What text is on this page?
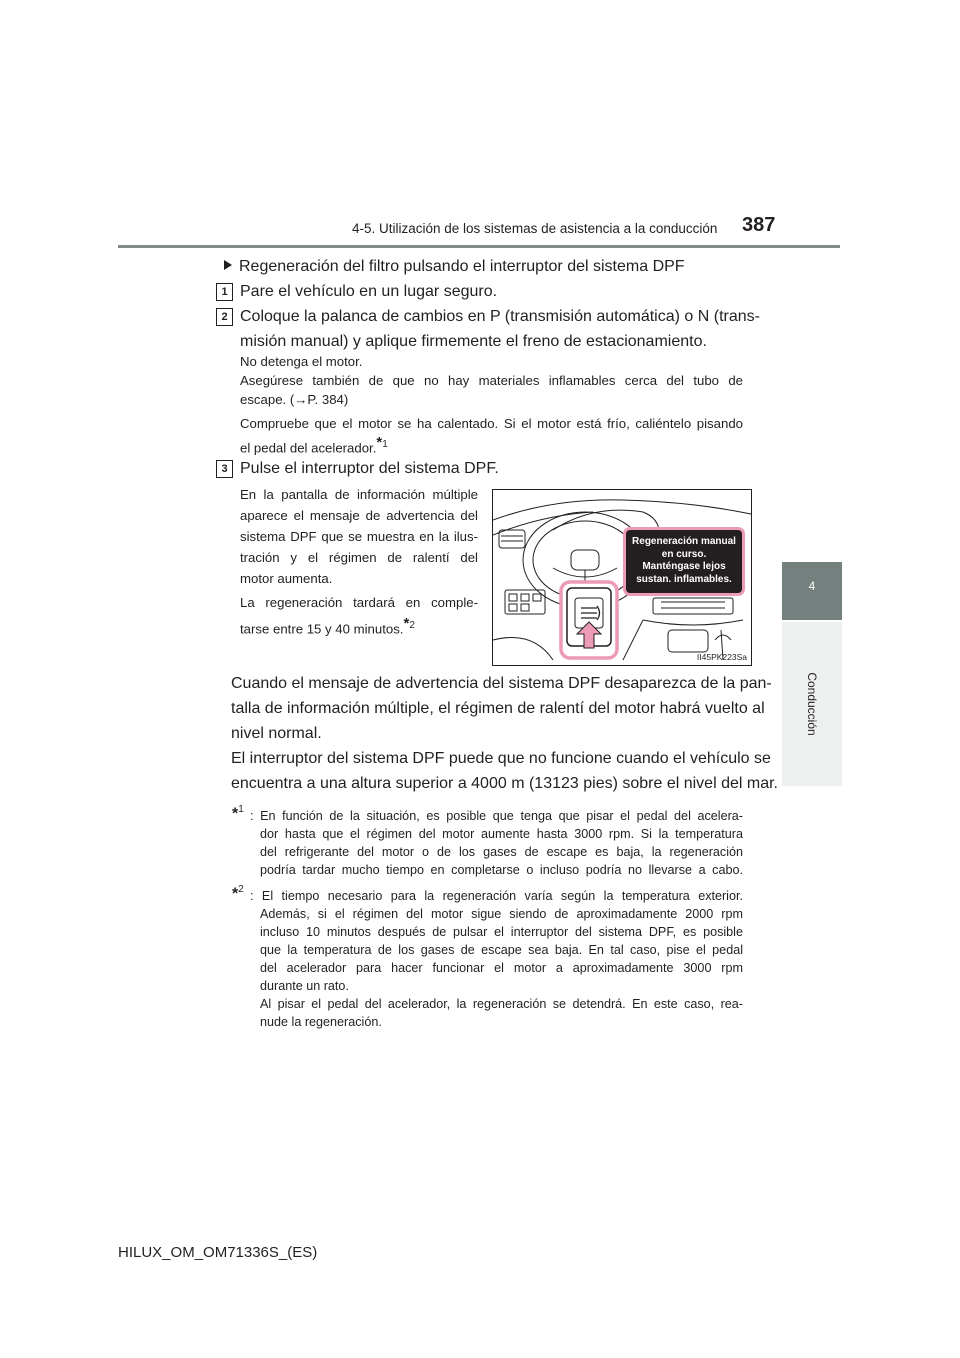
4-5. Utilización de los sistemas de asistencia a la conducción 387
4
Conducción
Regeneración del filtro pulsando el interruptor del sistema DPF
1 Pare el vehículo en un lugar seguro.
2 Coloque la palanca de cambios en P (transmisión automática) o N (trans-
misión manual) y aplique firmemente el freno de estacionamiento.
No detenga el motor.
Asegúrese también de que no hay materiales inflamables cerca del tubo de
escape. (→P. 384)
Compruebe que el motor se ha calentado. Si el motor está frío, caliéntelo pisando
el pedal del acelerador.$^{*1}$
3 Pulse el interruptor del sistema DPF.
En la pantalla de información múltiple
aparece el mensaje de advertencia del
sistema DPF que se muestra en la ilus-
tración y el régimen de ralentí del
motor aumenta.
La regeneración tardará en comple-
tarse entre 15 y 40 minutos.$^{*2}$
Regeneración manual
en curso.
Manténgase lejos
sustan. inflamables.
II45PK223Sa
Cuando el mensaje de advertencia del sistema DPF desaparezca de la pan-
talla de información múltiple, el régimen de ralentí del motor habrá vuelto al
nivel normal.
El interruptor del sistema DPF puede que no funcione cuando el vehículo se
encuentra a una altura superior a 4000 m (13123 pies) sobre el nivel del mar.
*$^1$ : En función de la situación, es posible que tenga que pisar el pedal del acelera-
dor hasta que el régimen del motor aumente hasta 3000 rpm. Si la temperatura
del refrigerante del motor o de los gases de escape es baja, la regeneración
podría tardar mucho tiempo en completarse o incluso podría no llevarse a cabo.
*$^2$ : El tiempo necesario para la regeneración varía según la temperatura exterior.
Además, si el régimen del motor sigue siendo de aproximadamente 2000 rpm
incluso 10 minutos después de pulsar el interruptor del sistema DPF, es posible
que la temperatura de los gases de escape sea baja. En tal caso, pise el pedal
del acelerador para hacer funcionar el motor a aproximadamente 3000 rpm
durante un rato.
Al pisar el pedal del acelerador, la regeneración se detendrá. En este caso, rea-
nude la regeneración.
HILUX_OM_OM71336S_(ES)
